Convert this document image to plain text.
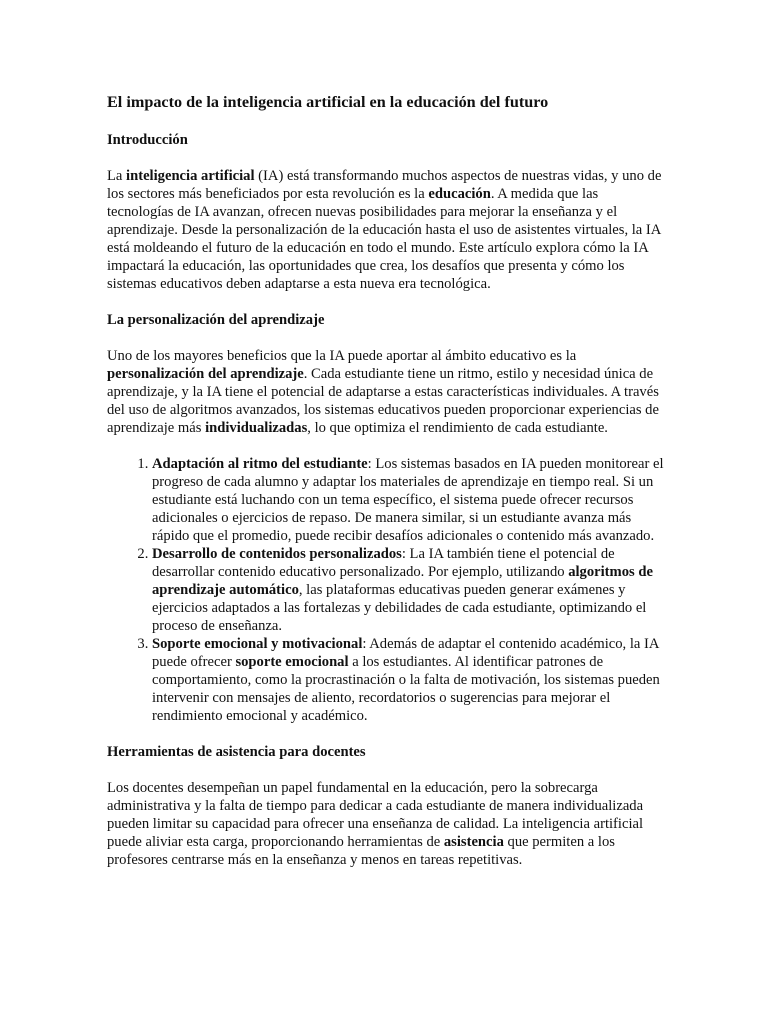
El impacto de la inteligencia artificial en la educación del futuro
Introducción

La inteligencia artificial (IA) está transformando muchos aspectos de nuestras vidas, y uno de los sectores más beneficiados por esta revolución es la educación. A medida que las tecnologías de IA avanzan, ofrecen nuevas posibilidades para mejorar la enseñanza y el aprendizaje. Desde la personalización de la educación hasta el uso de asistentes virtuales, la IA está moldeando el futuro de la educación en todo el mundo. Este artículo explora cómo la IA impactará la educación, las oportunidades que crea, los desafíos que presenta y cómo los sistemas educativos deben adaptarse a esta nueva era tecnológica.

La personalización del aprendizaje

Uno de los mayores beneficios que la IA puede aportar al ámbito educativo es la personalización del aprendizaje. Cada estudiante tiene un ritmo, estilo y necesidad única de aprendizaje, y la IA tiene el potencial de adaptarse a estas características individuales. A través del uso de algoritmos avanzados, los sistemas educativos pueden proporcionar experiencias de aprendizaje más individualizadas, lo que optimiza el rendimiento de cada estudiante.

1. Adaptación al ritmo del estudiante: Los sistemas basados en IA pueden monitorear el progreso de cada alumno y adaptar los materiales de aprendizaje en tiempo real. Si un estudiante está luchando con un tema específico, el sistema puede ofrecer recursos adicionales o ejercicios de repaso. De manera similar, si un estudiante avanza más rápido que el promedio, puede recibir desafíos adicionales o contenido más avanzado.
2. Desarrollo de contenidos personalizados: La IA también tiene el potencial de desarrollar contenido educativo personalizado. Por ejemplo, utilizando algoritmos de aprendizaje automático, las plataformas educativas pueden generar exámenes y ejercicios adaptados a las fortalezas y debilidades de cada estudiante, optimizando el proceso de enseñanza.
3. Soporte emocional y motivacional: Además de adaptar el contenido académico, la IA puede ofrecer soporte emocional a los estudiantes. Al identificar patrones de comportamiento, como la procrastinación o la falta de motivación, los sistemas pueden intervenir con mensajes de aliento, recordatorios o sugerencias para mejorar el rendimiento emocional y académico.
Herramientas de asistencia para docentes

Los docentes desempeñan un papel fundamental en la educación, pero la sobrecarga administrativa y la falta de tiempo para dedicar a cada estudiante de manera individualizada pueden limitar su capacidad para ofrecer una enseñanza de calidad. La inteligencia artificial puede aliviar esta carga, proporcionando herramientas de asistencia que permiten a los profesores centrarse más en la enseñanza y menos en tareas repetitivas.
